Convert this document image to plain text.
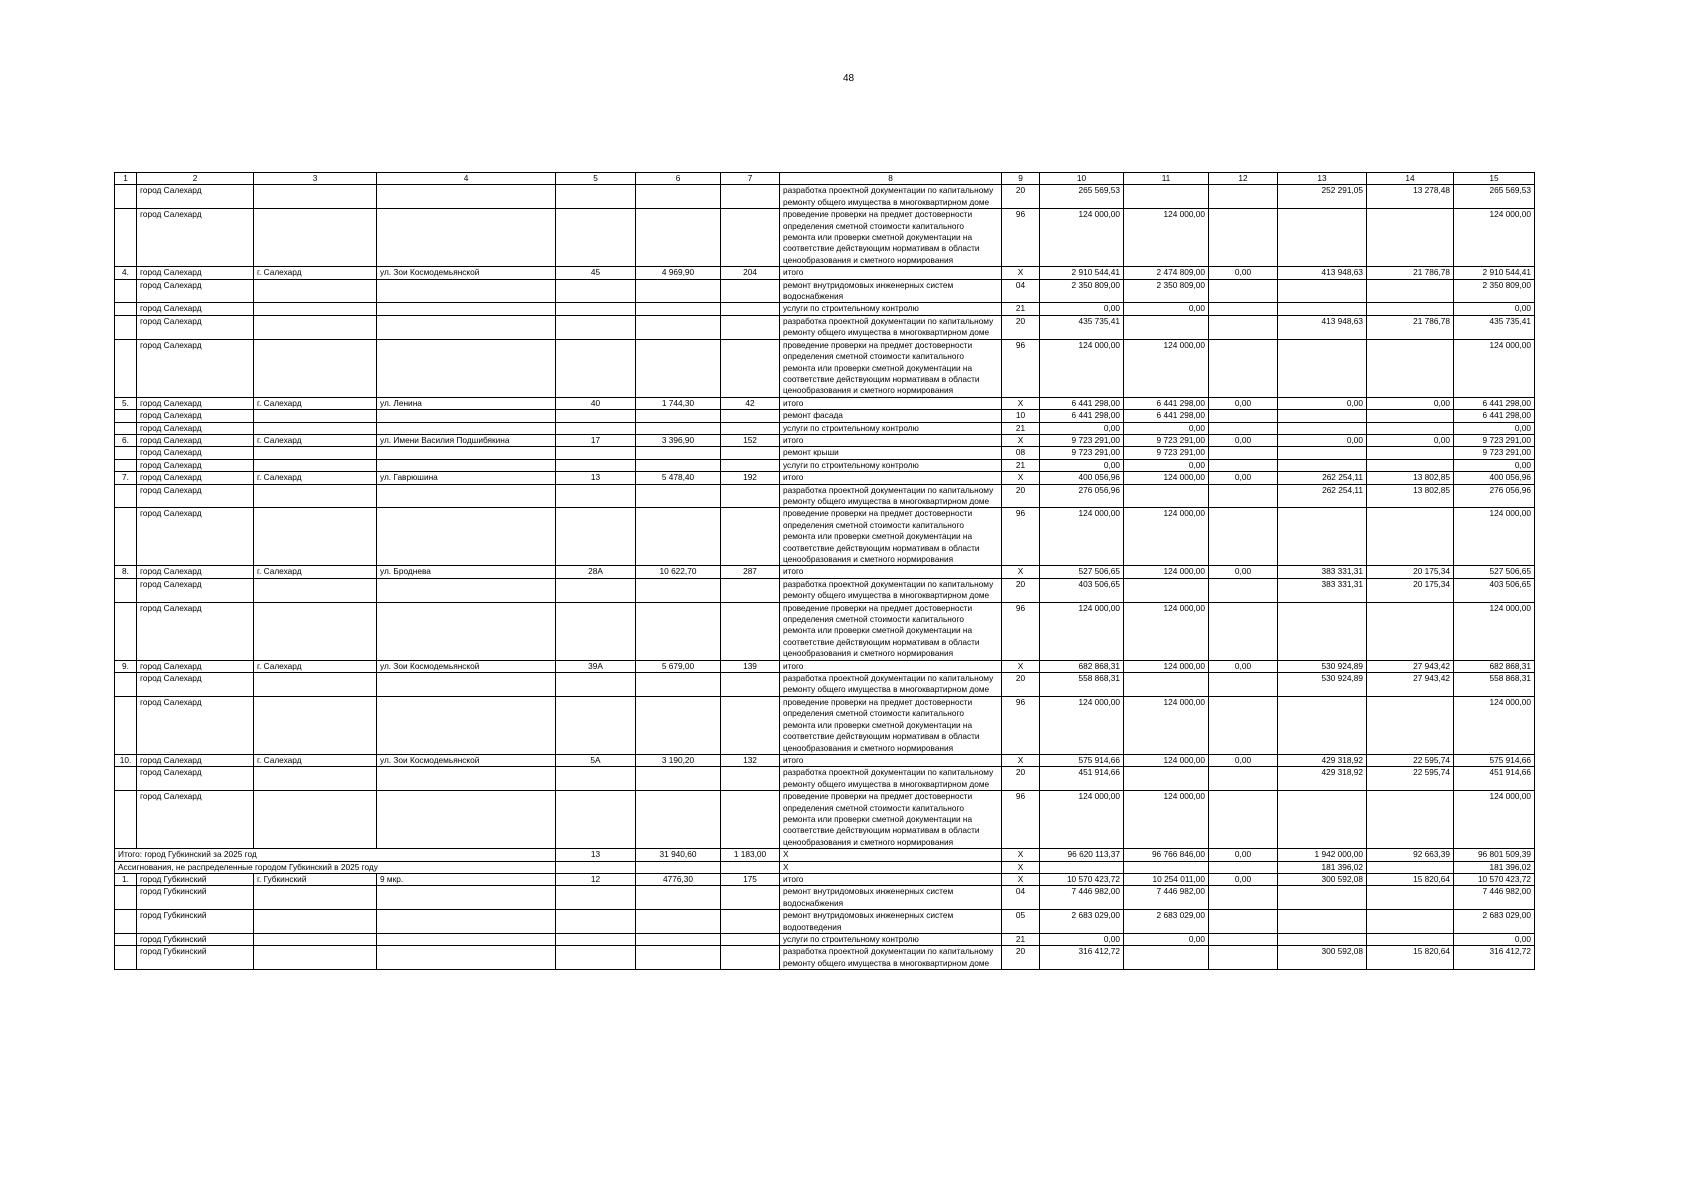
48
1	2	3	4	5	6	7	8	9	10	11	12	13	14	15
	город Салехард						разработка проектной документации по капитальному ремонту общего имущества в многоквартирном доме	20	265 569,53			252 291,05	13 278,48	265 569,53
	город Салехард						проведение проверки на предмет достоверности определения сметной стоимости капитального ремонта или проверки сметной документации на соответствие действующим нормативам в области ценообразования и сметного нормирования	96	124 000,00	124 000,00				124 000,00
4.	город Салехард	г. Салехард	ул. Зои Космодемьянской	45	4 969,90	204	итого	Х	2 910 544,41	2 474 809,00	0,00	413 948,63	21 786,78	2 910 544,41
	город Салехард						ремонт внутридомовых инженерных систем водоснабжения	04	2 350 809,00	2 350 809,00				2 350 809,00
	город Салехард						услуги по строительному контролю	21	0,00	0,00				0,00
	город Салехард						разработка проектной документации по капитальному ремонту общего имущества в многоквартирном доме	20	435 735,41			413 948,63	21 786,78	435 735,41
	город Салехард						проведение проверки на предмет достоверности определения сметной стоимости капитального ремонта или проверки сметной документации на соответствие действующим нормативам в области ценообразования и сметного нормирования	96	124 000,00	124 000,00				124 000,00
5.	город Салехард	г. Салехард	ул. Ленина	40	1 744,30	42	итого	Х	6 441 298,00	6 441 298,00	0,00	0,00	0,00	6 441 298,00
	город Салехард						ремонт фасада	10	6 441 298,00	6 441 298,00				6 441 298,00
	город Салехард						услуги по строительному контролю	21	0,00	0,00				0,00
6.	город Салехард	г. Салехард	ул. Имени Василия Подшибякина	17	3 396,90	152	итого	Х	9 723 291,00	9 723 291,00	0,00	0,00	0,00	9 723 291,00
	город Салехард						ремонт крыши	08	9 723 291,00	9 723 291,00				9 723 291,00
	город Салехард						услуги по строительному контролю	21	0,00	0,00				0,00
7.	город Салехард	г. Салехард	ул. Гаврюшина	13	5 478,40	192	итого	Х	400 056,96	124 000,00	0,00	262 254,11	13 802,85	400 056,96
	город Салехард						разработка проектной документации по капитальному ремонту общего имущества в многоквартирном доме	20	276 056,96			262 254,11	13 802,85	276 056,96
	город Салехард						проведение проверки на предмет достоверности определения сметной стоимости капитального ремонта или проверки сметной документации на соответствие действующим нормативам в области ценообразования и сметного нормирования	96	124 000,00	124 000,00				124 000,00
8.	город Салехард	г. Салехард	ул. Броднева	28А	10 622,70	287	итого	Х	527 506,65	124 000,00	0,00	383 331,31	20 175,34	527 506,65
	город Салехард						разработка проектной документации по капитальному ремонту общего имущества в многоквартирном доме	20	403 506,65			383 331,31	20 175,34	403 506,65
	город Салехард						проведение проверки на предмет достоверности определения сметной стоимости капитального ремонта или проверки сметной документации на соответствие действующим нормативам в области ценообразования и сметного нормирования	96	124 000,00	124 000,00				124 000,00
9.	город Салехард	г. Салехард	ул. Зои Космодемьянской	39А	5 679,00	139	итого	Х	682 868,31	124 000,00	0,00	530 924,89	27 943,42	682 868,31
	город Салехард						разработка проектной документации по капитальному ремонту общего имущества в многоквартирном доме	20	558 868,31			530 924,89	27 943,42	558 868,31
	город Салехард						проведение проверки на предмет достоверности определения сметной стоимости капитального ремонта или проверки сметной документации на соответствие действующим нормативам в области ценообразования и сметного нормирования	96	124 000,00	124 000,00				124 000,00
10.	город Салехард	г. Салехард	ул. Зои Космодемьянской	5А	3 190,20	132	итого	Х	575 914,66	124 000,00	0,00	429 318,92	22 595,74	575 914,66
	город Салехард						разработка проектной документации по капитальному ремонту общего имущества в многоквартирном доме	20	451 914,66			429 318,92	22 595,74	451 914,66
	город Салехард						проведение проверки на предмет достоверности определения сметной стоимости капитального ремонта или проверки сметной документации на соответствие действующим нормативам в области ценообразования и сметного нормирования	96	124 000,00	124 000,00				124 000,00
Итого: город Губкинский за 2025 год				13	31 940,60	1 183,00	Х	Х	96 620 113,37	96 766 846,00	0,00	1 942 000,00	92 663,39	96 801 509,39
Ассигнования, не распределенные городом Губкинский в 2025 году							Х	Х				181 396,02		181 396,02
1.	город Губкинский	г. Губкинский	9 мкр.	12	4776,30	175	итого	Х	10 570 423,72	10 254 011,00	0,00	300 592,08	15 820,64	10 570 423,72
	город Губкинский						ремонт внутридомовых инженерных систем водоснабжения	04	7 446 982,00	7 446 982,00				7 446 982,00
	город Губкинский						ремонт внутридомовых инженерных систем водоотведения	05	2 683 029,00	2 683 029,00				2 683 029,00
	город Губкинский						услуги по строительному контролю	21	0,00	0,00				0,00
	город Губкинский						разработка проектной документации по капитальному ремонту общего имущества в многоквартирном доме	20	316 412,72			300 592,08	15 820,64	316 412,72
